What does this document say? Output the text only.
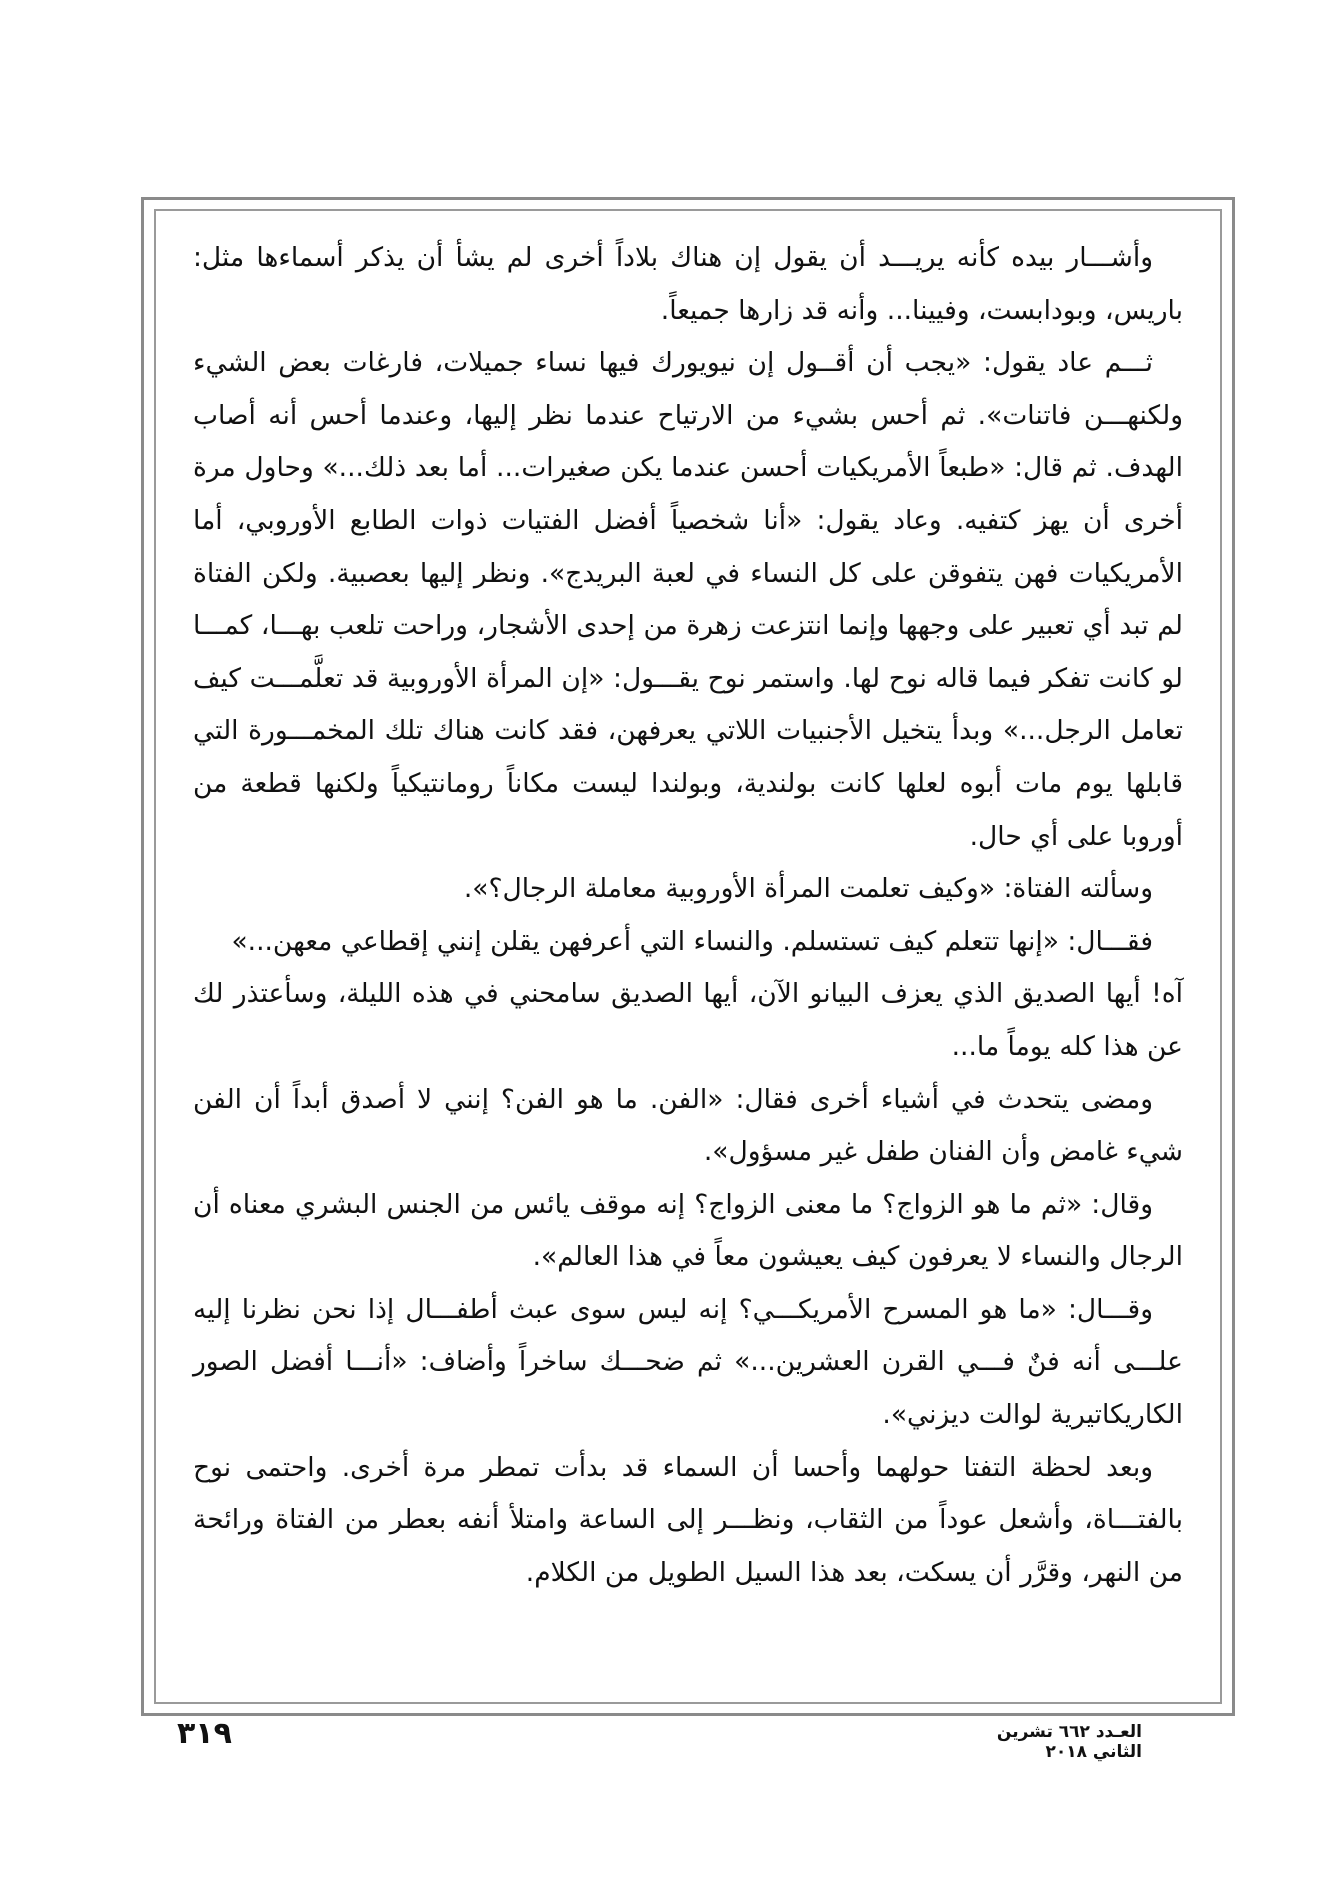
وأشـــار بيده كأنه يريـــد أن يقول إن هناك بلاداً أخرى لم يشأ أن يذكر أسماءها مثل: باريس، وبودابست، وفيينا... وأنه قد زارها جميعاً.

ثـــم عاد يقول: «يجب أن أقــول إن نيويورك فيها نساء جميلات، فارغات بعض الشيء ولكنهـــن فاتنات». ثم أحس بشيء من الارتياح عندما نظر إليها، وعندما أحس أنه أصاب الهدف. ثم قال: «طبعاً الأمريكيات أحسن عندما يكن صغيرات... أما بعد ذلك...» وحاول مرة أخرى أن يهز كتفيه. وعاد يقول: «أنا شخصياً أفضل الفتيات ذوات الطابع الأوروبي، أما الأمريكيات فهن يتفوقن على كل النساء في لعبة البريدج». ونظر إليها بعصبية. ولكن الفتاة لم تبد أي تعبير على وجهها وإنما انتزعت زهرة من إحدى الأشجار، وراحت تلعب بهـــا، كمـــا لو كانت تفكر فيما قاله نوح لها. واستمر نوح يقـــول: «إن المرأة الأوروبية قد تعلَّمـــت كيف تعامل الرجل...» وبدأ يتخيل الأجنبيات اللاتي يعرفهن، فقد كانت هناك تلك المخمـــورة التي قابلها يوم مات أبوه لعلها كانت بولندية، وبولندا ليست مكاناً رومانتيكياً ولكنها قطعة من أوروبا على أي حال.

وسألته الفتاة: «وكيف تعلمت المرأة الأوروبية معاملة الرجال؟».

فقـــال: «إنها تتعلم كيف تستسلم. والنساء التي أعرفهن يقلن إنني إقطاعي معهن...»

آه! أيها الصديق الذي يعزف البيانو الآن، أيها الصديق سامحني في هذه الليلة، وسأعتذر لك عن هذا كله يوماً ما...

ومضى يتحدث في أشياء أخرى فقال: «الفن. ما هو الفن؟ إنني لا أصدق أبداً أن الفن شيء غامض وأن الفنان طفل غير مسؤول».

وقال: «ثم ما هو الزواج؟ ما معنى الزواج؟ إنه موقف يائس من الجنس البشري معناه أن الرجال والنساء لا يعرفون كيف يعيشون معاً في هذا العالم».

وقـــال: «ما هو المسرح الأمريكـــي؟ إنه ليس سوى عبث أطفـــال إذا نحن نظرنا إليه علـــى أنه فنٌ فـــي القرن العشرين...» ثم ضحـــك ساخراً وأضاف: «أنـــا أفضل الصور الكاريكاتيرية لوالت ديزني».

وبعد لحظة التفتا حولهما وأحسا أن السماء قد بدأت تمطر مرة أخرى. واحتمى نوح بالفتـــاة، وأشعل عوداً من الثقاب، ونظـــر إلى الساعة وامتلأ أنفه بعطر من الفتاة ورائحة من النهر، وقرَّر أن يسكت، بعد هذا السيل الطويل من الكلام.

العـدد ٦٦٢ تشرين الثاني ٢٠١٨
٣١٩
